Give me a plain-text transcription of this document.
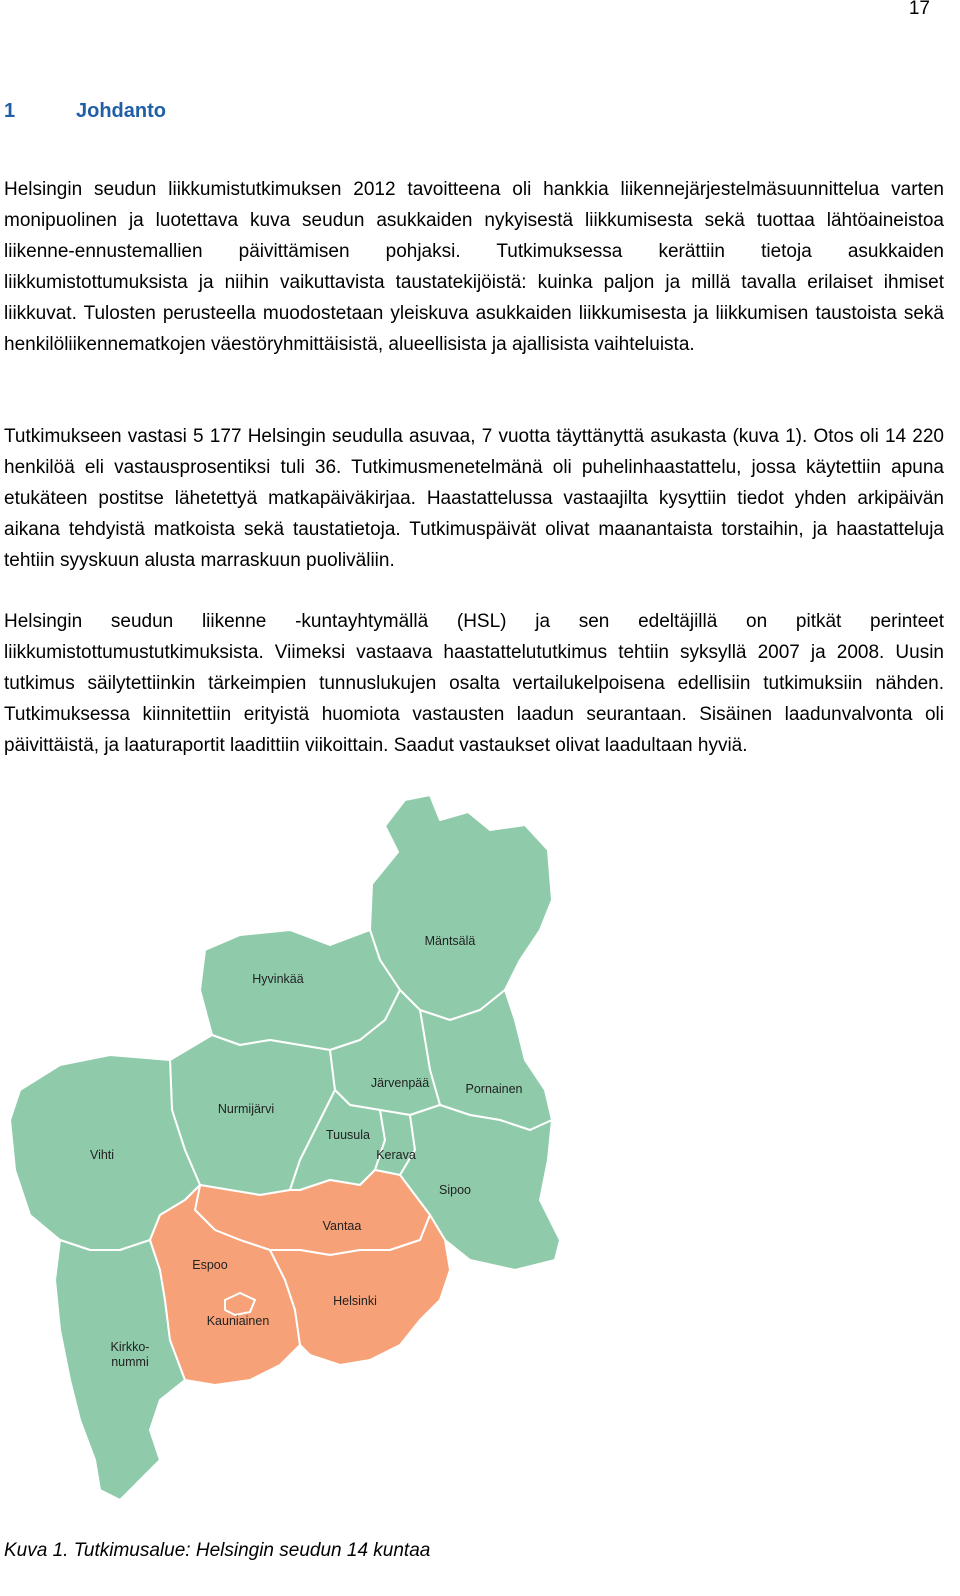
17
1	Johdanto

Helsingin seudun liikkumistutkimuksen 2012 tavoitteena oli hankkia liikennejärjestelmäsuunnittelua varten monipuolinen ja luotettava kuva seudun asukkaiden nykyisestä liikkumisesta sekä tuottaa lähtöaineistoa liikenne-ennustemallien päivittämisen pohjaksi. Tutkimuksessa kerättiin tietoja asukkaiden liikkumistottumuksista ja niihin vaikuttavista taustatekijöistä: kuinka paljon ja millä tavalla erilaiset ihmiset liikkuvat. Tulosten perusteella muodostetaan yleiskuva asukkaiden liikkumisesta ja liikkumisen taustoista sekä henkilöliikennematkojen väestöryhmittäisistä, alueellisista ja ajallisista vaihteluista.

Tutkimukseen vastasi 5 177 Helsingin seudulla asuvaa, 7 vuotta täyttänyttä asukasta (kuva 1). Otos oli 14 220 henkilöä eli vastausprosentiksi tuli 36. Tutkimusmenetelmänä oli puhelinhaastattelu, jossa käytettiin apuna etukäteen postitse lähetettyä matkapäiväkirjaa. Haastattelussa vastaajilta kysyttiin tiedot yhden arkipäivän aikana tehdyistä matkoista sekä taustatietoja. Tutkimuspäivät olivat maanantaista torstaihin, ja haastatteluja tehtiin syyskuun alusta marraskuun puoliväliin.

Helsingin seudun liikenne -kuntayhtymällä (HSL) ja sen edeltäjillä on pitkät perinteet liikkumistottumustutkimuksista. Viimeksi vastaava haastattelututkimus tehtiin syksyllä 2007 ja 2008. Uusin tutkimus säilytettiinkin tärkeimpien tunnuslukujen osalta vertailukelpoisena edellisiin tutkimuksiin nähden. Tutkimuksessa kiinnitettiin erityistä huomiota vastausten laadun seurantaan. Sisäinen laadunvalvonta oli päivittäistä, ja laaturaportit laadittiin viikoittain. Saadut vastaukset olivat laadultaan hyviä.

Mäntsälä
Hyvinkää
Järvenpää	Pornainen
Nurmijärvi
Tuusula
Vihti	Kerava
Sipoo
Vantaa
Espoo
Helsinki
Kauniainen
Kirkko-
nummi
Kuva 1. Tutkimusalue: Helsingin seudun 14 kuntaa
